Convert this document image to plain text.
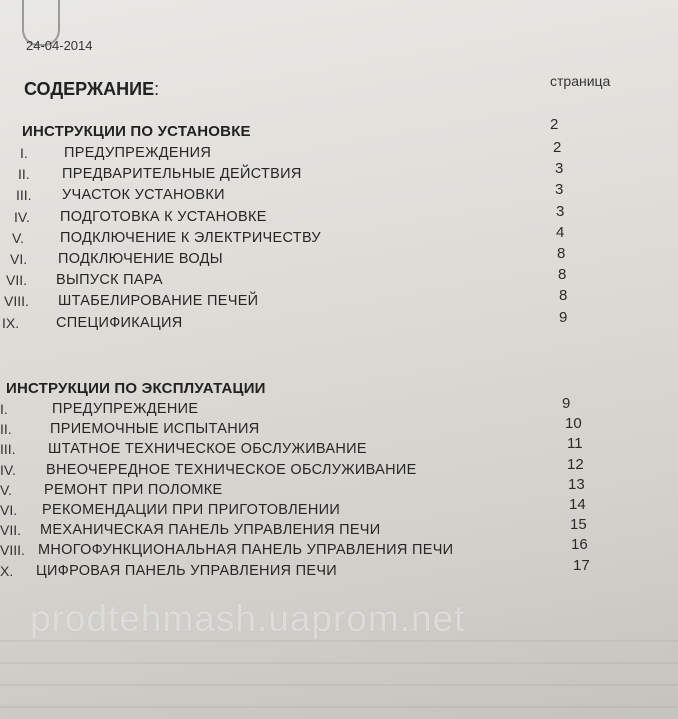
24-04-2014
СОДЕРЖАНИЕ:	страница
ИНСТРУКЦИИ ПО УСТАНОВКЕ	2
I. ПРЕДУПРЕЖДЕНИЯ	2
II. ПРЕДВАРИТЕЛЬНЫЕ ДЕЙСТВИЯ	3
III. УЧАСТОК УСТАНОВКИ	3
IV. ПОДГОТОВКА К УСТАНОВКЕ	3
V. ПОДКЛЮЧЕНИЕ К ЭЛЕКТРИЧЕСТВУ	4
VI. ПОДКЛЮЧЕНИЕ ВОДЫ	8
VII. ВЫПУСК ПАРА	8
VIII. ШТАБЕЛИРОВАНИЕ ПЕЧЕЙ	8
IX.	СПЕЦИФИКАЦИЯ	9
ИНСТРУКЦИИ ПО ЭКСПЛУАТАЦИИ
I.	ПРЕДУПРЕЖДЕНИЕ	9
II.	ПРИЕМОЧНЫЕ ИСПЫТАНИЯ	10
III. ШТАТНОЕ ТЕХНИЧЕСКОЕ ОБСЛУЖИВАНИЕ	11
IV. ВНЕОЧЕРЕДНОЕ ТЕХНИЧЕСКОЕ ОБСЛУЖИВАНИЕ	12
V. РЕМОНТ ПРИ ПОЛОМКЕ	13
VI. РЕКОМЕНДАЦИИ ПРИ ПРИГОТОВЛЕНИИ	14
VII. МЕХАНИЧЕСКАЯ ПАНЕЛЬ УПРАВЛЕНИЯ ПЕЧИ	15
VIII. МНОГОФУНКЦИОНАЛЬНАЯ ПАНЕЛЬ УПРАВЛЕНИЯ ПЕЧИ	16
X. ЦИФРОВАЯ ПАНЕЛЬ УПРАВЛЕНИЯ ПЕЧИ	17
prodtehmash.uaprom.net
